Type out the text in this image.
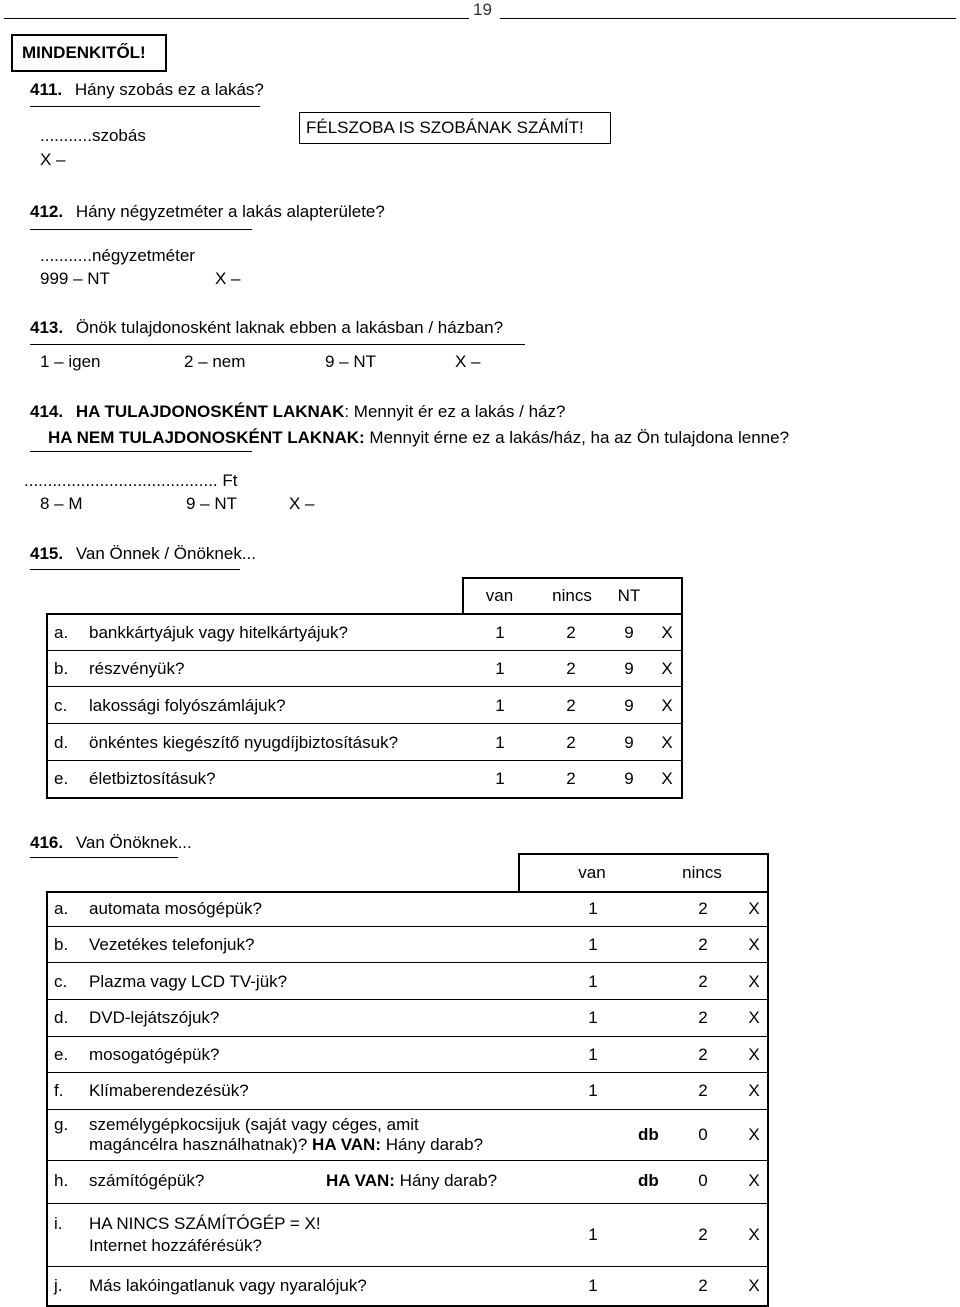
19
MINDENKITŐL!
411. Hány szobás ez a lakás?
...........szobás
X –
FÉLSZOBA IS SZOBÁNAK SZÁMÍT!
412. Hány négyzetméter a lakás alapterülete?
...........négyzetméter
999 – NT	X –
413. Önök tulajdonosként laknak ebben a lakásban / házban?
1 – igen	2 – nem	9 – NT	X –
414. HA TULAJDONOSKÉNT LAKNAK: Mennyit ér ez a lakás / ház?
HA NEM TULAJDONOSKÉNT LAKNAK: Mennyit érne ez a lakás/ház, ha az Ön tulajdona lenne?
......................................... Ft
8 – M	9 – NT	X –
415. Van Önnek / Önöknek...
van	nincs	NT
a. bankkártyájuk vagy hitelkártyájuk?	1	2	9	X
b. részvényük?	1	2	9	X
c. lakossági folyószámlájuk?	1	2	9	X
d. önkéntes kiegészítő nyugdíjbiztosításuk?	1	2	9	X
e. életbiztosításuk?	1	2	9	X
416. Van Önöknek...
van	nincs
a. automata mosógépük?	1	2	X
b. Vezetékes telefonjuk?	1	2	X
c. Plazma vagy LCD TV-jük?	1	2	X
d. DVD-lejátszójuk?	1	2	X
e. mosogatógépük?	1	2	X
f. Klímaberendezésük?	1	2	X
g. személygépkocsijuk (saját vagy céges, amit
magáncélra használhatnak)? HA VAN: Hány darab?
db	0	X
h. számítógépük?	HA VAN: Hány darab?	db	0	X
i. HA NINCS SZÁMÍTÓGÉP = X!
Internet hozzáférésük?
1	2	X
j. Más lakóingatlanuk vagy nyaralójuk?	1	2	X
